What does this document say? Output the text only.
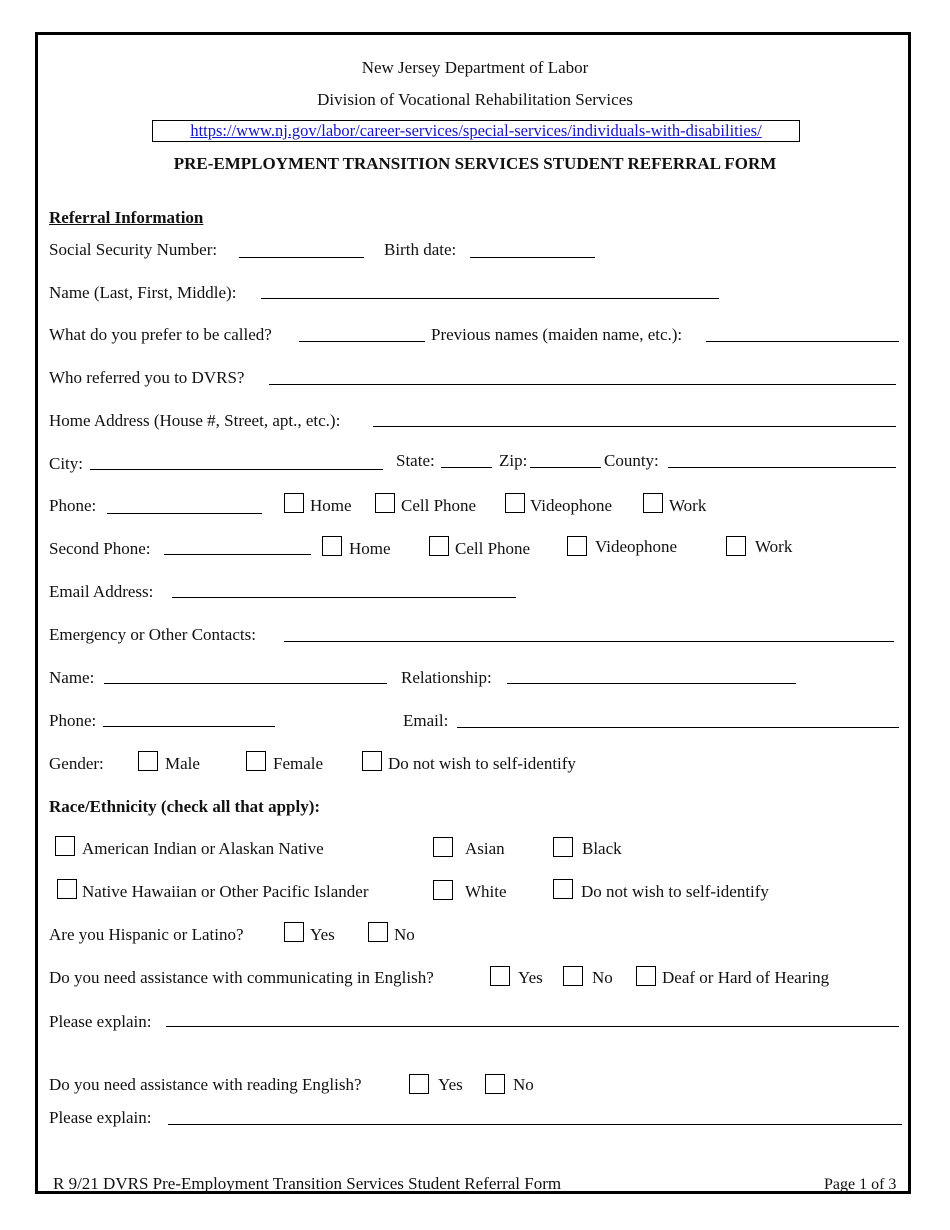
New Jersey Department of Labor
Division of Vocational Rehabilitation Services
https://www.nj.gov/labor/career-services/special-services/individuals-with-disabilities/
PRE-EMPLOYMENT TRANSITION SERVICES STUDENT REFERRAL FORM
Referral Information
Social Security Number:	Birth date:
Name (Last, First, Middle):
What do you prefer to be called?	Previous names (maiden name, etc.):
Who referred you to DVRS?
Home Address (House #, Street, apt., etc.):
City:	State:	Zip:	County:
Phone:	Home	Cell Phone	Videophone	Work
Second Phone:	Home	Cell Phone	Videophone	Work
Email Address:
Emergency or Other Contacts:
Name:	Relationship:
Phone:	Email:
Gender:	Male	Female	Do not wish to self-identify
Race/Ethnicity (check all that apply):
American Indian or Alaskan Native	Asian	Black
Native Hawaiian or Other Pacific Islander	White	Do not wish to self-identify
Are you Hispanic or Latino?	Yes	No
Do you need assistance with communicating in English?	Yes	No	Deaf or Hard of Hearing
Please explain:
Do you need assistance with reading English?	Yes	No
Please explain:
R 9/21 DVRS Pre-Employment Transition Services Student Referral Form	Page 1 of 3
